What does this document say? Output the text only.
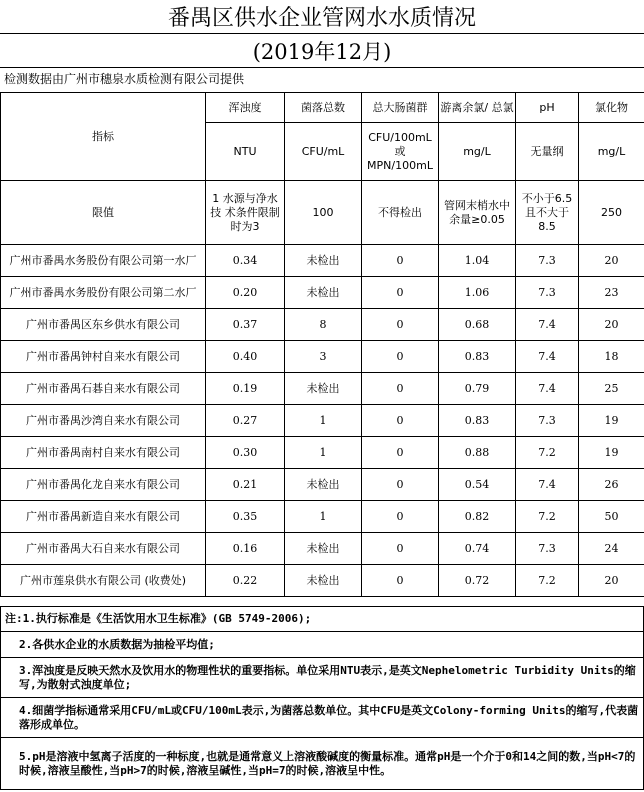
番禺区供水企业管网水水质情况
(2019年12月)
检测数据由广州市穗泉水质检测有限公司提供
指标	浑浊度	菌落总数	总大肠菌群	游离余氯/ 总氯	pH	氯化物
	NTU	CFU/mL	CFU/100mL 或 MPN/100mL	mg/L	无量纲	mg/L
限值	1 水源与净水技 术条件限制时为3	100	不得检出	管网末梢水中 余量≥0.05	不小于6.5且不大于8.5	250
广州市番禺水务股份有限公司第一水厂	0.34	未检出	0	1.04	7.3	20
广州市番禺水务股份有限公司第二水厂	0.20	未检出	0	1.06	7.3	23
广州市番禺区东乡供水有限公司	0.37	8	0	0.68	7.4	20
广州市番禺钟村自来水有限公司	0.40	3	0	0.83	7.4	18
广州市番禺石碁自来水有限公司	0.19	未检出	0	0.79	7.4	25
广州市番禺沙湾自来水有限公司	0.27	1	0	0.83	7.3	19
广州市番禺南村自来水有限公司	0.30	1	0	0.88	7.2	19
广州市番禺化龙自来水有限公司	0.21	未检出	0	0.54	7.4	26
广州市番禺新造自来水有限公司	0.35	1	0	0.82	7.2	50
广州市番禺大石自来水有限公司	0.16	未检出	0	0.74	7.3	24
广州市莲泉供水有限公司 (收费处)	0.22	未检出	0	0.72	7.2	20
注:1.执行标准是《生活饮用水卫生标准》(GB 5749-2006);
2.各供水企业的水质数据为抽检平均值;
3.浑浊度是反映天然水及饮用水的物理性状的重要指标。单位采用NTU表示,是英文Nephelometric Turbidity Units的缩写,为散射式浊度单位;
4.细菌学指标通常采用CFU/mL或CFU/100mL表示,为菌落总数单位。其中CFU是英文Colony-forming Units的缩写,代表菌落形成单位。
5.pH是溶液中氢离子活度的一种标度,也就是通常意义上溶液酸碱度的衡量标准。通常pH是一个介于0和14之间的数,当pH<7的时候,溶液呈酸性,当pH>7的时候,溶液呈碱性,当pH=7的时候,溶液呈中性。
